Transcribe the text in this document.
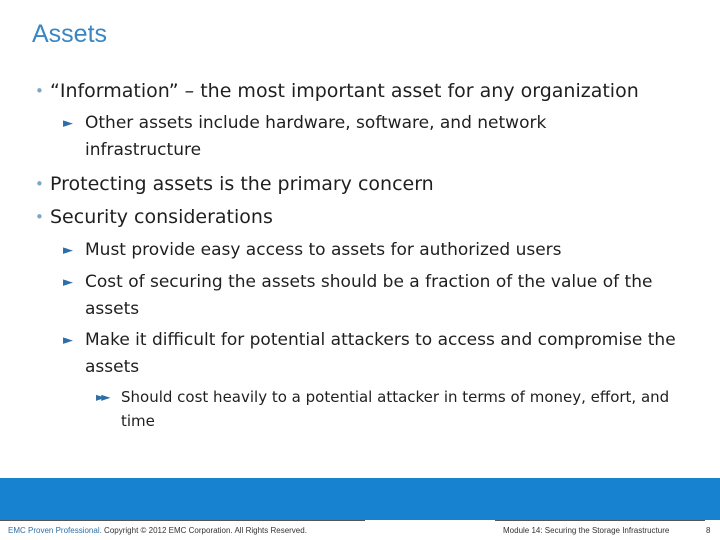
Assets
• “Information” – the most important asset for any organization
► Other assets include hardware, software, and network infrastructure
• Protecting assets is the primary concern
• Security considerations
► Must provide easy access to assets for authorized users
► Cost of securing the assets should be a fraction of the value of the assets
► Make it difficult for potential attackers to access and compromise the assets
►► Should cost heavily to a potential attacker in terms of money, effort, and time
EMC Proven Professional. Copyright © 2012 EMC Corporation. All Rights Reserved.	Module 14: Securing the Storage Infrastructure	8
